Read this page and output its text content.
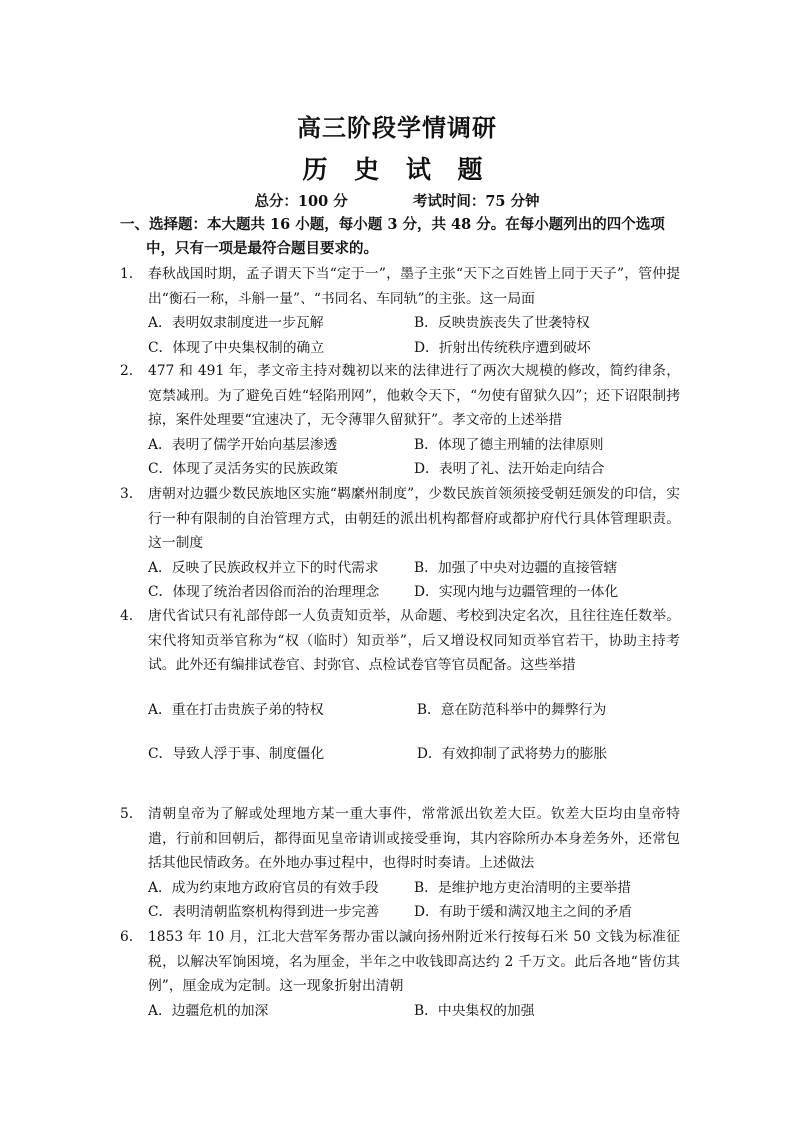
高三阶段学情调研
历 史 试 题
总分：100 分	考试时间：75 分钟

一、选择题：本大题共 16 小题，每小题 3 分，共 48 分。在每小题列出的四个选项中，只有一项是最符合题目要求的。

1. 春秋战国时期，孟子谓天下当“定于一”，墨子主张“天下之百姓皆上同于天子”，管仲提出“衡石一称，斗斛一量”、“书同名、车同轨”的主张。这一局面
A．表明奴隶制度进一步瓦解	B．反映贵族丧失了世袭特权
C．体现了中央集权制的确立	D．折射出传统秩序遭到破坏
2. 477 和 491 年，孝文帝主持对魏初以来的法律进行了两次大规模的修改，简约律条，宽禁减刑。为了避免百姓“轻陷刑网”，他敕令天下，“勿使有留狱久囚”；还下诏限制拷掠，案件处理要“宜速决了，无令薄罪久留狱犴”。孝文帝的上述举措
A．表明了儒学开始向基层渗透	B．体现了德主刑辅的法律原则
C．体现了灵活务实的民族政策	D．表明了礼、法开始走向结合
3. 唐朝对边疆少数民族地区实施“羁縻州制度”，少数民族首领须接受朝廷颁发的印信，实行一种有限制的自治管理方式，由朝廷的派出机构都督府或都护府代行具体管理职责。这一制度
A．反映了民族政权并立下的时代需求	B．加强了中央对边疆的直接管辖
C．体现了统治者因俗而治的治理理念	D．实现内地与边疆管理的一体化
4. 唐代省试只有礼部侍郎一人负责知贡举，从命题、考校到决定名次，且往往连任数举。宋代将知贡举官称为“权（临时）知贡举”，后又增设权同知贡举官若干，协助主持考试。此外还有编排试卷官、封弥官、点检试卷官等官员配备。这些举措
A．重在打击贵族子弟的特权	B．意在防范科举中的舞弊行为
C．导致人浮于事、制度僵化	D．有效抑制了武将势力的膨胀
5. 清朝皇帝为了解或处理地方某一重大事件，常常派出钦差大臣。钦差大臣均由皇帝特遣，行前和回朝后，都得面见皇帝请训或接受垂询，其内容除所办本身差务外，还常包括其他民情政务。在外地办事过程中，也得时时奏请。上述做法
A．成为约束地方政府官员的有效手段	B．是维护地方吏治清明的主要举措
C．表明清朝监察机构得到进一步完善	D．有助于缓和满汉地主之间的矛盾
6. 1853 年 10 月，江北大营军务帮办雷以諴向扬州附近米行按每石米 50 文钱为标准征税，以解决军饷困境，名为厘金，半年之中收钱即高达约 2 千万文。此后各地“皆仿其例”，厘金成为定制。这一现象折射出清朝
A．边疆危机的加深	B．中央集权的加强
